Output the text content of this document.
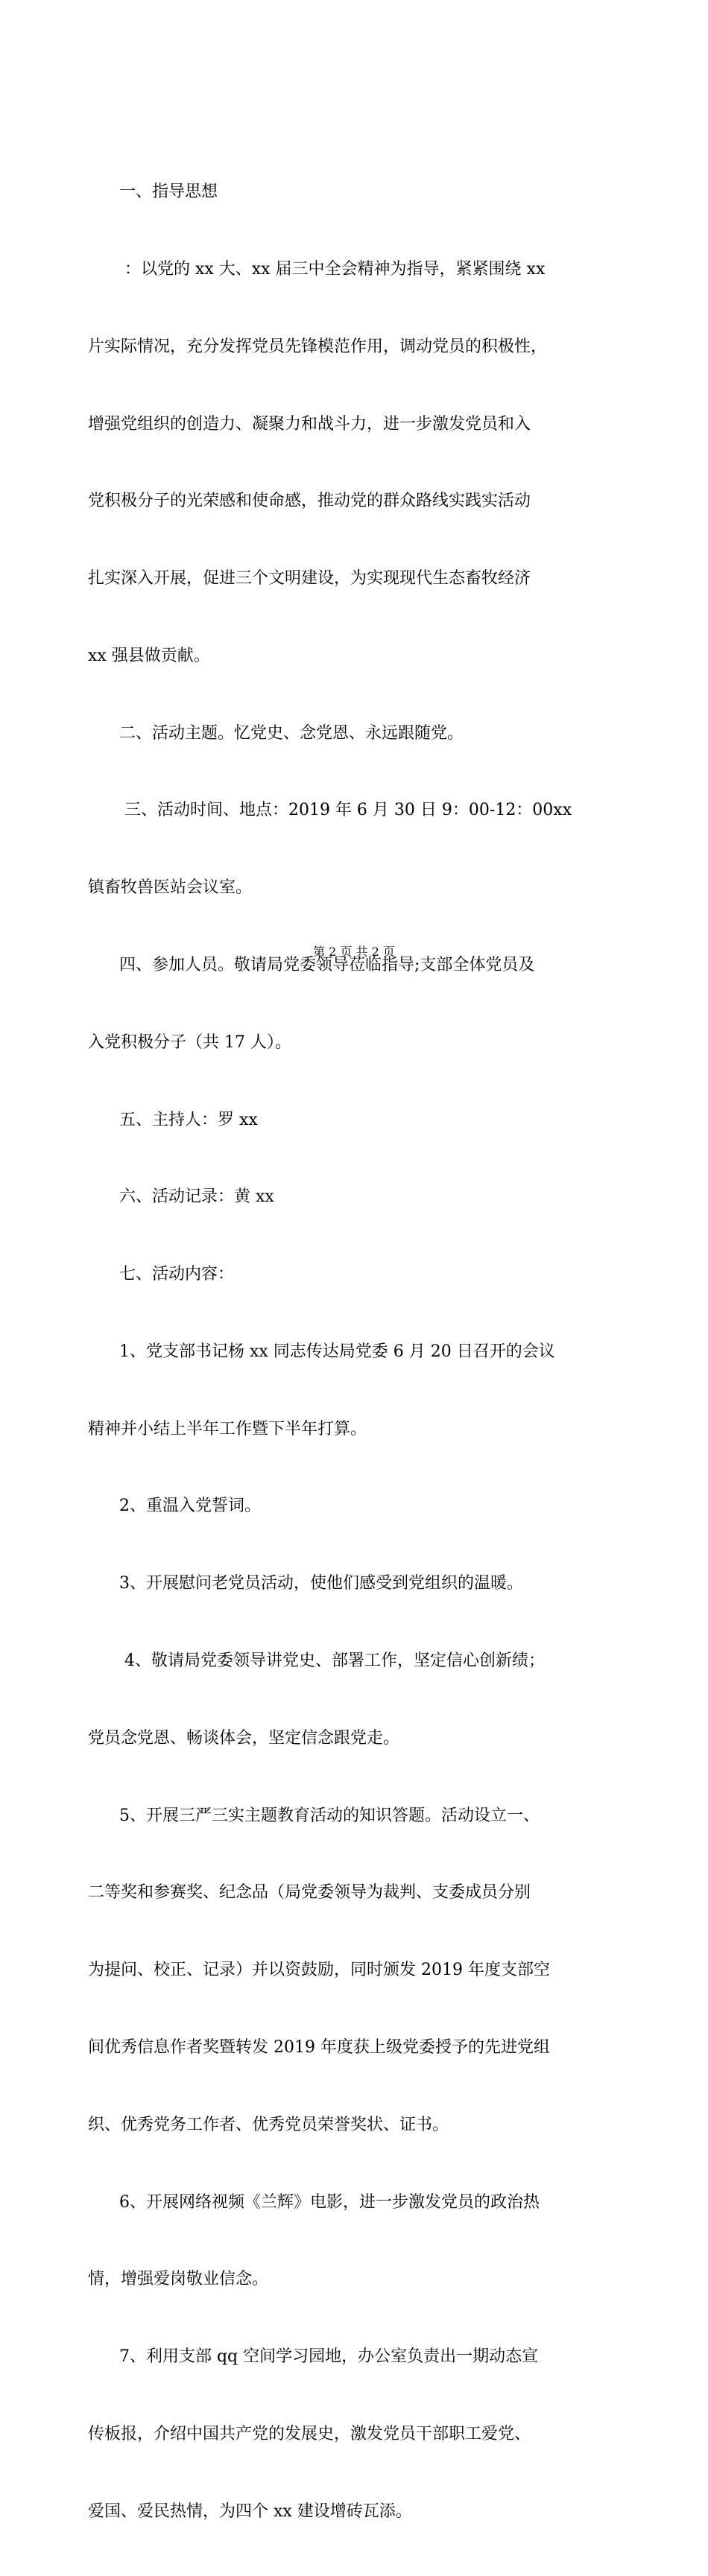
一、指导思想

：以党的 xx 大、xx 届三中全会精神为指导，紧紧围绕 xx

片实际情况，充分发挥党员先锋模范作用，调动党员的积极性，

增强党组织的创造力、凝聚力和战斗力，进一步激发党员和入

党积极分子的光荣感和使命感，推动党的群众路线实践实活动

扎实深入开展，促进三个文明建设，为实现现代生态畜牧经济

xx 强县做贡献。

二、活动主题。忆党史、念党恩、永远跟随党。

三、活动时间、地点：2019 年 6 月 30 日 9：00-12：00xx

镇畜牧兽医站会议室。

四、参加人员。敬请局党委领导莅临指导;支部全体党员及

入党积极分子（共 17 人）。

五、主持人：罗 xx

六、活动记录：黄 xx

七、活动内容：

1、党支部书记杨 xx 同志传达局党委 6 月 20 日召开的会议

精神并小结上半年工作暨下半年打算。

2、重温入党誓词。

3、开展慰问老党员活动，使他们感受到党组织的温暖。

4、敬请局党委领导讲党史、部署工作，坚定信心创新绩；

党员念党恩、畅谈体会，坚定信念跟党走。

5、开展三严三实主题教育活动的知识答题。活动设立一、

二等奖和参赛奖、纪念品（局党委领导为裁判、支委成员分别

为提问、校正、记录）并以资鼓励，同时颁发 2019 年度支部空

间优秀信息作者奖暨转发 2019 年度获上级党委授予的先进党组

织、优秀党务工作者、优秀党员荣誉奖状、证书。

6、开展网络视频《兰辉》电影，进一步激发党员的政治热

情，增强爱岗敬业信念。

7、利用支部 qq 空间学习园地，办公室负责出一期动态宣

传板报，介绍中国共产党的发展史，激发党员干部职工爱党、

爱国、爱民热情，为四个 xx 建设增砖瓦添。

第 2 页 共 2 页
